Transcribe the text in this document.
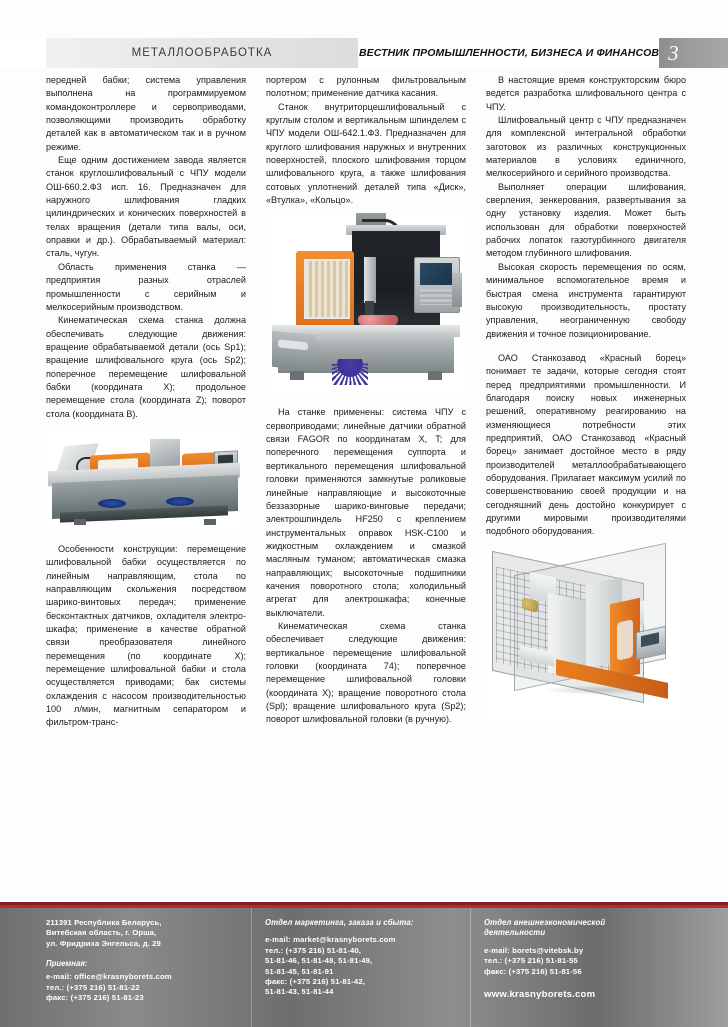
МЕТАЛЛООБРАБОТКА	ВЕСТНИК ПРОМЫШЛЕННОСТИ, БИЗНЕСА И ФИНАНСОВ 3

передней бабки; система управления выполнена на программируемом командоконтроллере и сервоприводами, позволяющими производить обработку деталей как в автоматическом так и в ручном режиме.

Еще одним достижением завода является станок круглошлифовальный с ЧПУ модели ОШ-660.2.Ф3 исп. 16. Предназначен для наружного шлифования гладких цилиндрических и конических поверхностей в телах вращения (детали типа валы, оси, оправки и др.). Обрабатываемый материал: сталь, чугун.

Область применения станка — предприятия разных отраслей промышленности с серийным и мелкосерийным производством.

Кинематическая схема станка должна обеспечивать следующие движения: вращение обрабатываемой детали (ось Sp1); вращение шлифовального круга (ось Sp2); поперечное перемещение шлифовальной бабки (координата X); продольное перемещение стола (координата Z); поворот стола (координата B).

Особенности конструкции: перемещение шлифовальной бабки осуществляется по линейным направляющим, стола по направляющим скольжения посредством шарико-винтовых передач; применение бесконтактных датчиков, охладителя электро-шкафа; применение в качестве обратной связи преобразователя линейного перемещения (по координате X); перемещение шлифовальной бабки и стола осуществляется приводами; бак системы охлаждения с насосом производительностью 100 л/мин, магнитным сепаратором и фильтром-транс-

портером с рулонным фильтровальным полотном; применение датчика касания.

Станок внутриторцешлифовальный с круглым столом и вертикальным шпинделем с ЧПУ модели ОШ-642.1.Ф3. Предназначен для круглого шлифования наружных и внутренних поверхностей, плоского шлифования торцом шлифовального круга, а также шлифования сотовых уплотнений деталей типа «Диск», «Втулка», «Кольцо».

На станке применены: система ЧПУ с сервоприводами; линейные датчики обратной связи FAGOR по координатам X, T; для поперечного перемещения суппорта и вертикального перемещения шлифовальной головки применяются замкнутые роликовые линейные направляющие и высокоточные беззазорные шарико-винговые передачи; электрошпиндель HF250 с креплением инструментальных оправок HSK-C100 и жидкостным охлаждением и смазкой масляным туманом; автоматическая смазка направляющих; высокоточные подшипники качения поворотного стола; холодильный агрегат для электрошкафа; конечные выключатели.

Кинематическая схема станка обеспечивает следующие движения: вертикальное перемещение шлифовальной головки (координата 74); поперечное перемещение шлифовальной головки (координата X); вращение поворотного стола (Spl); вращение шлифовального круга (Sp2); поворот шлифовальной головки (в ручную).

В настоящие время конструкторским бюро ведется разработка шлифовального центра с ЧПУ.

Шлифовальный центр с ЧПУ предназначен для комплексной интегральной обработки заготовок из различных конструкционных материалов в условиях единичного, мелкосерийного и серийного производства.

Выполняет операции шлифования, сверления, зенкерования, развертывания за одну установку изделия. Может быть использован для обработки поверхностей рабочих лопаток газотурбинного двигателя методом глубинного шлифования.

Высокая скорость перемещения по осям, минимальное вспомогательное время и быстрая смена инструмента гарантируют высокую производительность, простату управления, неограниченную свободу движения и точное позиционирование.

ОАО Станкозавод «Красный борец» понимает те задачи, которые сегодня стоят перед предприятиями промышленности. И благодаря поиску новых инженерных решений, оперативному реагированию на изменяющиеся потребности этих предприятий, ОАО Станкозавод «Красный борец» занимает достойное место в ряду производителей металлообрабатывающего оборудования. Прилагает максимум усилий по совершенствованию своей продукции и на сегодняшний день достойно конкурирует с другими мировыми производителями подобного оборудования.

211391 Республика Беларусь,
Витебская область, г. Орша,
ул. Фридриха Энгельса, д. 29
Приемная:
e-mail: office@krasnyborets.com
тел.: (+375 216) 51-81-22
факс: (+375 216) 51-81-23
Отдел маркетинга, заказа и сбыта:
e-mail: market@krasnyborets.com
тел.: (+375 216) 51-81-40,
51-81-46, 51-81-48, 51-81-49,
51-81-45, 51-81-91
факс: (+375 216) 51-81-42,
51-81-43, 51-81-44
Отдел внешнеэкономической
деятельности
e-mail: borets@vitebsk.by
тел.: (+375 216) 51-81-55
факс: (+375 216) 51-81-56
www.krasnyborets.com
